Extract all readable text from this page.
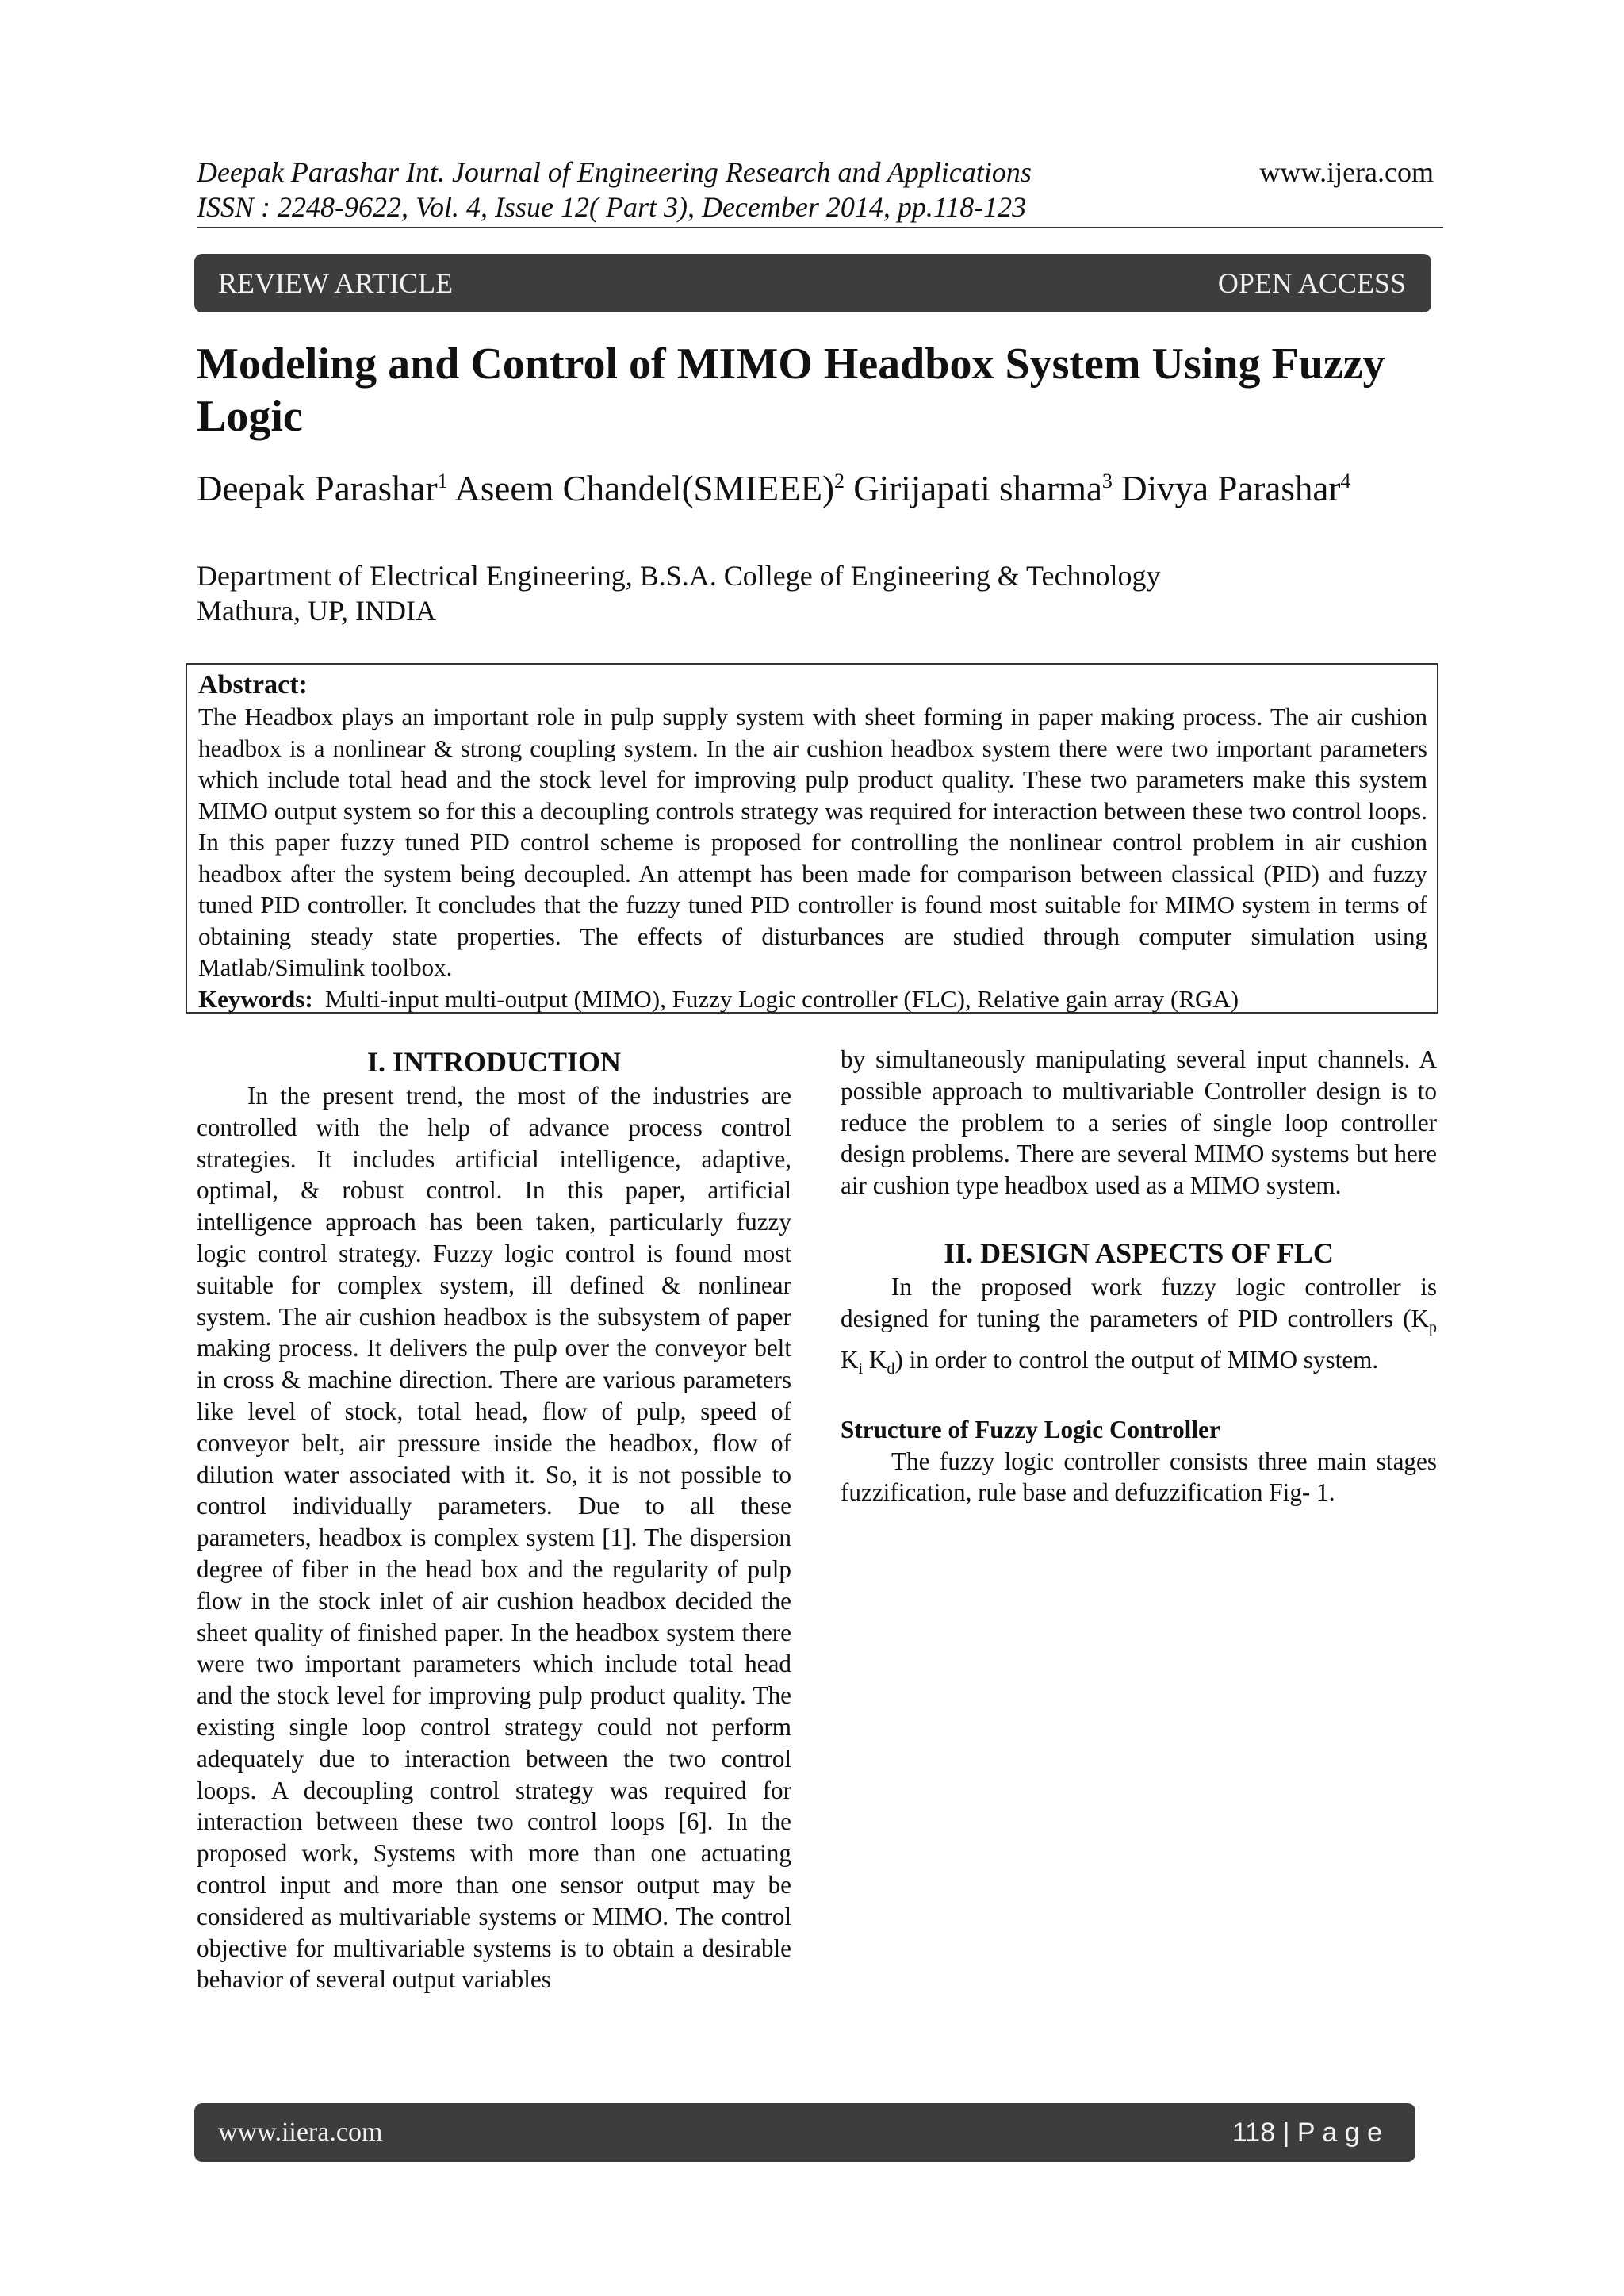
Deepak Parashar Int. Journal of Engineering Research and Applications
ISSN : 2248-9622, Vol. 4, Issue 12( Part 3), December 2014, pp.118-123
www.ijera.com
REVIEW ARTICLE	OPEN ACCESS
Modeling and Control of MIMO Headbox System Using Fuzzy Logic
Deepak Parashar$^1$ Aseem Chandel(SMIEEE)$^2$ Girijapati sharma$^3$ Divya Parashar$^4$
Department of Electrical Engineering, B.S.A. College of Engineering & Technology
Mathura, UP, INDIA
Abstract:
The Headbox plays an important role in pulp supply system with sheet forming in paper making process. The air cushion headbox is a nonlinear & strong coupling system. In the air cushion headbox system there were two important parameters which include total head and the stock level for improving pulp product quality. These two parameters make this system MIMO output system so for this a decoupling controls strategy was required for interaction between these two control loops. In this paper fuzzy tuned PID control scheme is proposed for controlling the nonlinear control problem in air cushion headbox after the system being decoupled. An attempt has been made for comparison between classical (PID) and fuzzy tuned PID controller. It concludes that the fuzzy tuned PID controller is found most suitable for MIMO system in terms of obtaining steady state properties. The effects of disturbances are studied through computer simulation using Matlab/Simulink toolbox.
Keywords: Multi-input multi-output (MIMO), Fuzzy Logic controller (FLC), Relative gain array (RGA)
I. INTRODUCTION

In the present trend, the most of the industries are controlled with the help of advance process control strategies. It includes artificial intelligence, adaptive, optimal, & robust control. In this paper, artificial intelligence approach has been taken, particularly fuzzy logic control strategy. Fuzzy logic control is found most suitable for complex system, ill defined & nonlinear system. The air cushion headbox is the subsystem of paper making process. It delivers the pulp over the conveyor belt in cross & machine direction. There are various parameters like level of stock, total head, flow of pulp, speed of conveyor belt, air pressure inside the headbox, flow of dilution water associated with it. So, it is not possible to control individually parameters. Due to all these parameters, headbox is complex system [1]. The dispersion degree of fiber in the head box and the regularity of pulp flow in the stock inlet of air cushion headbox decided the sheet quality of finished paper. In the headbox system there were two important parameters which include total head and the stock level for improving pulp product quality. The existing single loop control strategy could not perform adequately due to interaction between the two control loops. A decoupling control strategy was required for interaction between these two control loops [6]. In the proposed work, Systems with more than one actuating control input and more than one sensor output may be considered as multivariable systems or MIMO. The control objective for multivariable systems is to obtain a desirable behavior of several output variables

by simultaneously manipulating several input channels. A possible approach to multivariable Controller design is to reduce the problem to a series of single loop controller design problems. There are several MIMO systems but here air cushion type headbox used as a MIMO system.

II. DESIGN ASPECTS OF FLC

In the proposed work fuzzy logic controller is designed for tuning the parameters of PID controllers ($K_p$ $K_i$ $K_d$) in order to control the output of MIMO system.

Structure of Fuzzy Logic Controller

The fuzzy logic controller consists three main stages fuzzification, rule base and defuzzification Fig- 1.

www.iiera.com	118 | P a g e
